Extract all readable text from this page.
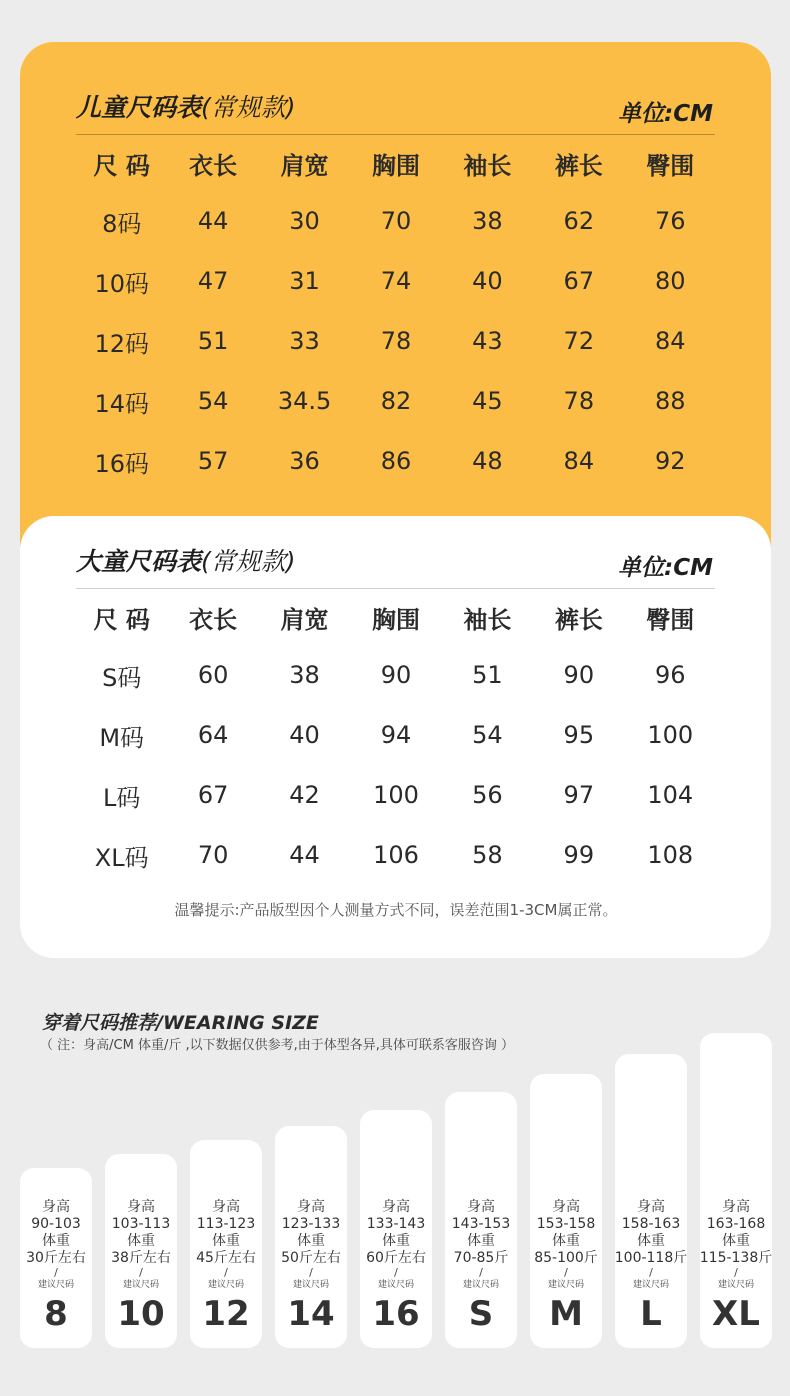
儿童尺码表(常规款)	单位:CM
尺 码	衣长	肩宽	胸围	袖长	裤长	臀围
8码	44	30	70	38	62	76
10码	47	31	74	40	67	80
12码	51	33	78	43	72	84
14码	54	34.5	82	45	78	88
16码	57	36	86	48	84	92
大童尺码表(常规款)	单位:CM
尺 码	衣长	肩宽	胸围	袖长	裤长	臀围
S码	60	38	90	51	90	96
M码	64	40	94	54	95	100
L码	67	42	100	56	97	104
XL码	70	44	106	58	99	108
温馨提示:产品版型因个人测量方式不同，误差范围1-3CM属正常。
穿着尺码推荐/WEARING SIZE
（ 注：身高/CM 体重/斤 ,以下数据仅供参考,由于体型各异,具体可联系客服咨询 ）
身高
90-103
体重
30斤左右
/
建议尺码
8
身高
103-113
体重
38斤左右
/
建议尺码
10
身高
113-123
体重
45斤左右
/
建议尺码
12
身高
123-133
体重
50斤左右
/
建议尺码
14
身高
133-143
体重
60斤左右
/
建议尺码
16
身高
143-153
体重
70-85斤
/
建议尺码
S
身高
153-158
体重
85-100斤
/
建议尺码
M
身高
158-163
体重
100-118斤
/
建议尺码
L
身高
163-168
体重
115-138斤
/
建议尺码
XL
